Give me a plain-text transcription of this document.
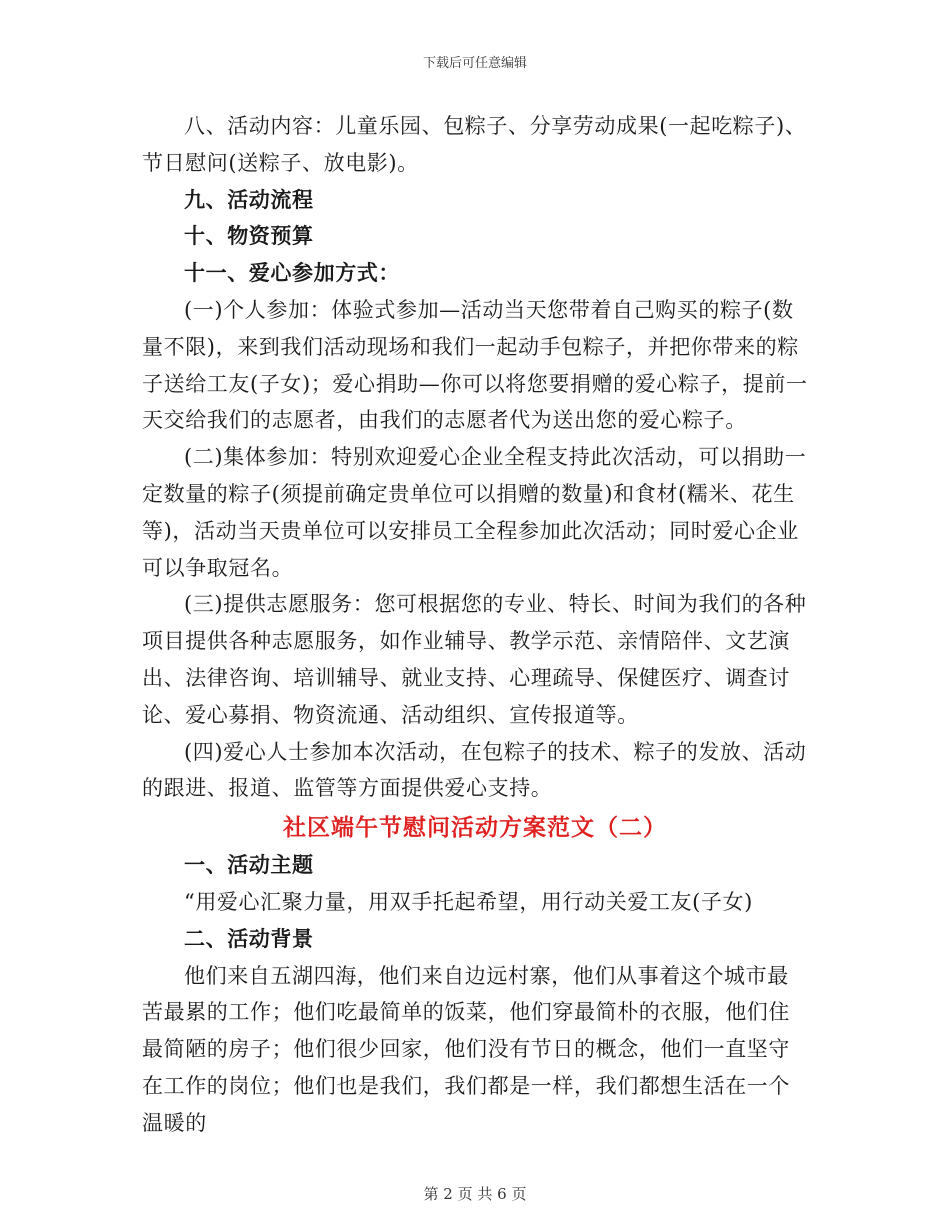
下载后可任意编辑

八、活动内容：儿童乐园、包粽子、分享劳动成果(一起吃粽子)、节日慰问(送粽子、放电影)。

九、活动流程

十、物资预算

十一、爱心参加方式：

(一)个人参加：体验式参加—活动当天您带着自己购买的粽子(数量不限)，来到我们活动现场和我们一起动手包粽子，并把你带来的粽子送给工友(子女)；爱心捐助—你可以将您要捐赠的爱心粽子，提前一天交给我们的志愿者，由我们的志愿者代为送出您的爱心粽子。

(二)集体参加：特别欢迎爱心企业全程支持此次活动，可以捐助一定数量的粽子(须提前确定贵单位可以捐赠的数量)和食材(糯米、花生等)，活动当天贵单位可以安排员工全程参加此次活动；同时爱心企业可以争取冠名。

(三)提供志愿服务：您可根据您的专业、特长、时间为我们的各种项目提供各种志愿服务，如作业辅导、教学示范、亲情陪伴、文艺演出、法律咨询、培训辅导、就业支持、心理疏导、保健医疗、调查讨论、爱心募捐、物资流通、活动组织、宣传报道等。

(四)爱心人士参加本次活动，在包粽子的技术、粽子的发放、活动的跟进、报道、监管等方面提供爱心支持。

社区端午节慰问活动方案范文（二）

一、活动主题

“用爱心汇聚力量，用双手托起希望，用行动关爱工友(子女)

二、活动背景

他们来自五湖四海，他们来自边远村寨，他们从事着这个城市最苦最累的工作；他们吃最简单的饭菜，他们穿最简朴的衣服，他们住最简陋的房子；他们很少回家，他们没有节日的概念，他们一直坚守在工作的岗位；他们也是我们，我们都是一样，我们都想生活在一个温暖的

第 2 页 共 6 页
